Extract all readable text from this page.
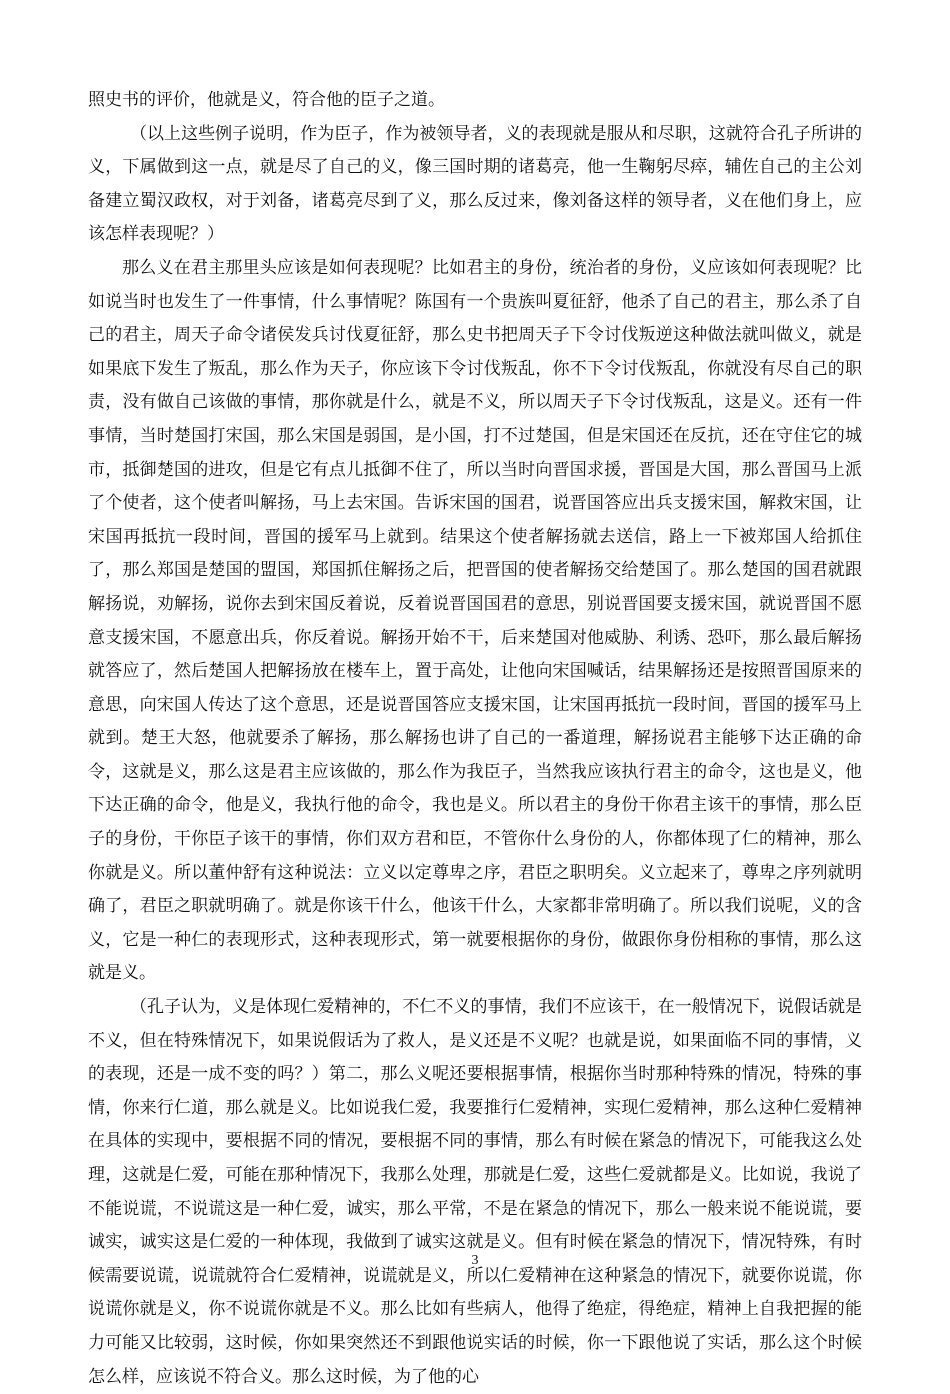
照史书的评价，他就是义，符合他的臣子之道。

（以上这些例子说明，作为臣子，作为被领导者，义的表现就是服从和尽职，这就符合孔子所讲的义，下属做到这一点，就是尽了自己的义，像三国时期的诸葛亮，他一生鞠躬尽瘁，辅佐自己的主公刘备建立蜀汉政权，对于刘备，诸葛亮尽到了义，那么反过来，像刘备这样的领导者，义在他们身上，应该怎样表现呢？）

那么义在君主那里头应该是如何表现呢？比如君主的身份，统治者的身份，义应该如何表现呢？比如说当时也发生了一件事情，什么事情呢？陈国有一个贵族叫夏征舒，他杀了自己的君主，那么杀了自己的君主，周天子命令诸侯发兵讨伐夏征舒，那么史书把周天子下令讨伐叛逆这种做法就叫做义，就是如果底下发生了叛乱，那么作为天子，你应该下令讨伐叛乱，你不下令讨伐叛乱，你就没有尽自己的职责，没有做自己该做的事情，那你就是什么，就是不义，所以周天子下令讨伐叛乱，这是义。还有一件事情，当时楚国打宋国，那么宋国是弱国，是小国，打不过楚国，但是宋国还在反抗，还在守住它的城市，抵御楚国的进攻，但是它有点儿抵御不住了，所以当时向晋国求援，晋国是大国，那么晋国马上派了个使者，这个使者叫解扬，马上去宋国。告诉宋国的国君，说晋国答应出兵支援宋国，解救宋国，让宋国再抵抗一段时间，晋国的援军马上就到。结果这个使者解扬就去送信，路上一下被郑国人给抓住了，那么郑国是楚国的盟国，郑国抓住解扬之后，把晋国的使者解扬交给楚国了。那么楚国的国君就跟解扬说，劝解扬，说你去到宋国反着说，反着说晋国国君的意思，别说晋国要支援宋国，就说晋国不愿意支援宋国，不愿意出兵，你反着说。解扬开始不干，后来楚国对他威胁、利诱、恐吓，那么最后解扬就答应了，然后楚国人把解扬放在楼车上，置于高处，让他向宋国喊话，结果解扬还是按照晋国原来的意思，向宋国人传达了这个意思，还是说晋国答应支援宋国，让宋国再抵抗一段时间，晋国的援军马上就到。楚王大怒，他就要杀了解扬，那么解扬也讲了自己的一番道理，解扬说君主能够下达正确的命令，这就是义，那么这是君主应该做的，那么作为我臣子，当然我应该执行君主的命令，这也是义，他下达正确的命令，他是义，我执行他的命令，我也是义。所以君主的身份干你君主该干的事情，那么臣子的身份，干你臣子该干的事情，你们双方君和臣，不管你什么身份的人，你都体现了仁的精神，那么你就是义。所以董仲舒有这种说法：立义以定尊卑之序，君臣之职明矣。义立起来了，尊卑之序列就明确了，君臣之职就明确了。就是你该干什么，他该干什么，大家都非常明确了。所以我们说呢，义的含义，它是一种仁的表现形式，这种表现形式，第一就要根据你的身份，做跟你身份相称的事情，那么这就是义。

（孔子认为，义是体现仁爱精神的，不仁不义的事情，我们不应该干，在一般情况下，说假话就是不义，但在特殊情况下，如果说假话为了救人，是义还是不义呢？也就是说，如果面临不同的事情，义的表现，还是一成不变的吗？）第二，那么义呢还要根据事情，根据你当时那种特殊的情况，特殊的事情，你来行仁道，那么就是义。比如说我仁爱，我要推行仁爱精神，实现仁爱精神，那么这种仁爱精神在具体的实现中，要根据不同的情况，要根据不同的事情，那么有时候在紧急的情况下，可能我这么处理，这就是仁爱，可能在那种情况下，我那么处理，那就是仁爱，这些仁爱就都是义。比如说，我说了不能说谎，不说谎这是一种仁爱，诚实，那么平常，不是在紧急的情况下，那么一般来说不能说谎，要诚实，诚实这是仁爱的一种体现，我做到了诚实这就是义。但有时候在紧急的情况下，情况特殊，有时候需要说谎，说谎就符合仁爱精神，说谎就是义，所以仁爱精神在这种紧急的情况下，就要你说谎，你说谎你就是义，你不说谎你就是不义。那么比如有些病人，他得了绝症，得绝症，精神上自我把握的能力可能又比较弱，这时候，你如果突然还不到跟他说实话的时候，你一下跟他说了实话，那么这个时候怎么样，应该说不符合义。那么这时候，为了他的心

3
